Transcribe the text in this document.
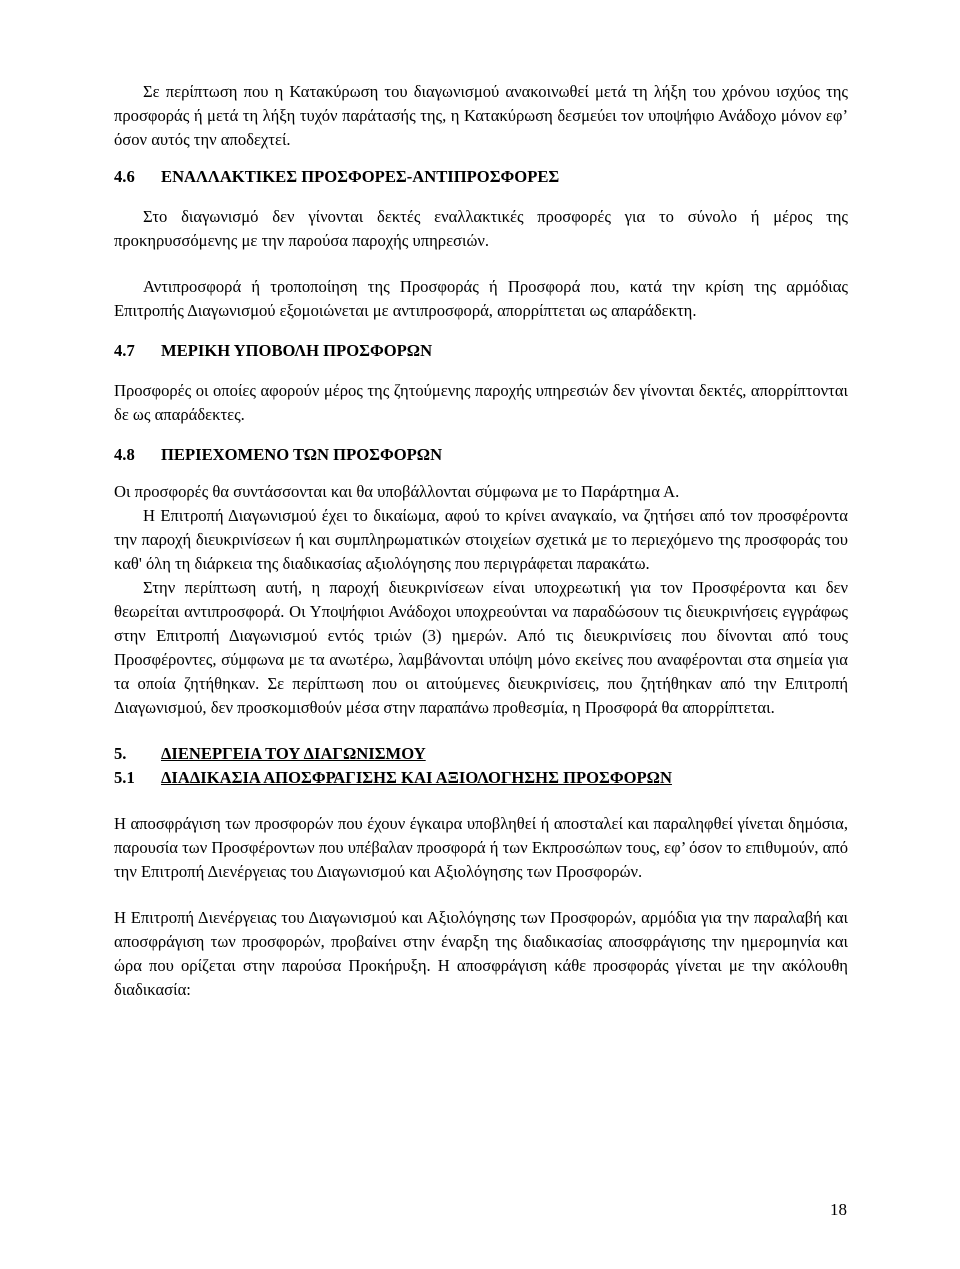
Σε περίπτωση που η Κατακύρωση του διαγωνισμού ανακοινωθεί μετά τη λήξη του χρόνου ισχύος της προσφοράς ή μετά τη λήξη τυχόν παράτασής της, η Κατακύρωση δεσμεύει τον υποψήφιο Ανάδοχο μόνον εφ’ όσον αυτός την αποδεχτεί.

4.6	ΕΝΑΛΛΑΚΤΙΚΕΣ ΠΡΟΣΦΟΡΕΣ-ΑΝΤΙΠΡΟΣΦΟΡΕΣ

Στο διαγωνισμό δεν γίνονται δεκτές εναλλακτικές προσφορές για το σύνολο ή μέρος της προκηρυσσόμενης με την παρούσα παροχής υπηρεσιών.

Αντιπροσφορά ή τροποποίηση της Προσφοράς ή Προσφορά που, κατά την κρίση της αρμόδιας Επιτροπής Διαγωνισμού εξομοιώνεται με αντιπροσφορά, απορρίπτεται ως απαράδεκτη.

4.7	ΜΕΡΙΚΗ ΥΠΟΒΟΛΗ ΠΡΟΣΦΟΡΩΝ

Προσφορές οι οποίες αφορούν μέρος της ζητούμενης παροχής υπηρεσιών δεν γίνονται δεκτές, απορρίπτονται δε ως απαράδεκτες.

4.8	ΠΕΡΙΕΧΟΜΕΝΟ ΤΩΝ ΠΡΟΣΦΟΡΩΝ

Οι προσφορές θα συντάσσονται και θα υποβάλλονται σύμφωνα με το Παράρτημα Α.

Η Επιτροπή Διαγωνισμού έχει το δικαίωμα, αφού το κρίνει αναγκαίο, να ζητήσει από τον προσφέροντα την παροχή διευκρινίσεων ή και συμπληρωματικών στοιχείων σχετικά με το περιεχόμενο της προσφοράς του καθ' όλη τη διάρκεια της διαδικασίας αξιολόγησης που περιγράφεται παρακάτω.

Στην περίπτωση αυτή, η παροχή διευκρινίσεων είναι υποχρεωτική για τον Προσφέροντα και δεν θεωρείται αντιπροσφορά. Οι Υποψήφιοι Ανάδοχοι υποχρεούνται να παραδώσουν τις διευκρινήσεις εγγράφως στην Επιτροπή Διαγωνισμού εντός τριών (3) ημερών. Από τις διευκρινίσεις που δίνονται από τους Προσφέροντες, σύμφωνα με τα ανωτέρω, λαμβάνονται υπόψη μόνο εκείνες που αναφέρονται στα σημεία για τα οποία ζητήθηκαν. Σε περίπτωση που οι αιτούμενες διευκρινίσεις, που ζητήθηκαν από την Επιτροπή Διαγωνισμού, δεν προσκομισθούν μέσα στην παραπάνω προθεσμία, η Προσφορά θα απορρίπτεται.

5.	ΔΙΕΝΕΡΓΕΙΑ ΤΟΥ ΔΙΑΓΩΝΙΣΜΟΥ
5.1	ΔΙΑΔΙΚΑΣΙΑ ΑΠΟΣΦΡΑΓΙΣΗΣ ΚΑΙ ΑΞΙΟΛΟΓΗΣΗΣ ΠΡΟΣΦΟΡΩΝ

Η αποσφράγιση των προσφορών που έχουν έγκαιρα υποβληθεί ή αποσταλεί και παραληφθεί γίνεται δημόσια, παρουσία των Προσφέροντων που υπέβαλαν προσφορά ή των Εκπροσώπων τους, εφ’ όσον το επιθυμούν, από την Επιτροπή Διενέργειας του Διαγωνισμού και Αξιολόγησης των Προσφορών.

Η Επιτροπή Διενέργειας του Διαγωνισμού και Αξιολόγησης των Προσφορών, αρμόδια για την παραλαβή και αποσφράγιση των προσφορών, προβαίνει στην έναρξη της διαδικασίας αποσφράγισης την ημερομηνία και ώρα που ορίζεται στην παρούσα Προκήρυξη. Η αποσφράγιση κάθε προσφοράς γίνεται με την ακόλουθη διαδικασία:

18
